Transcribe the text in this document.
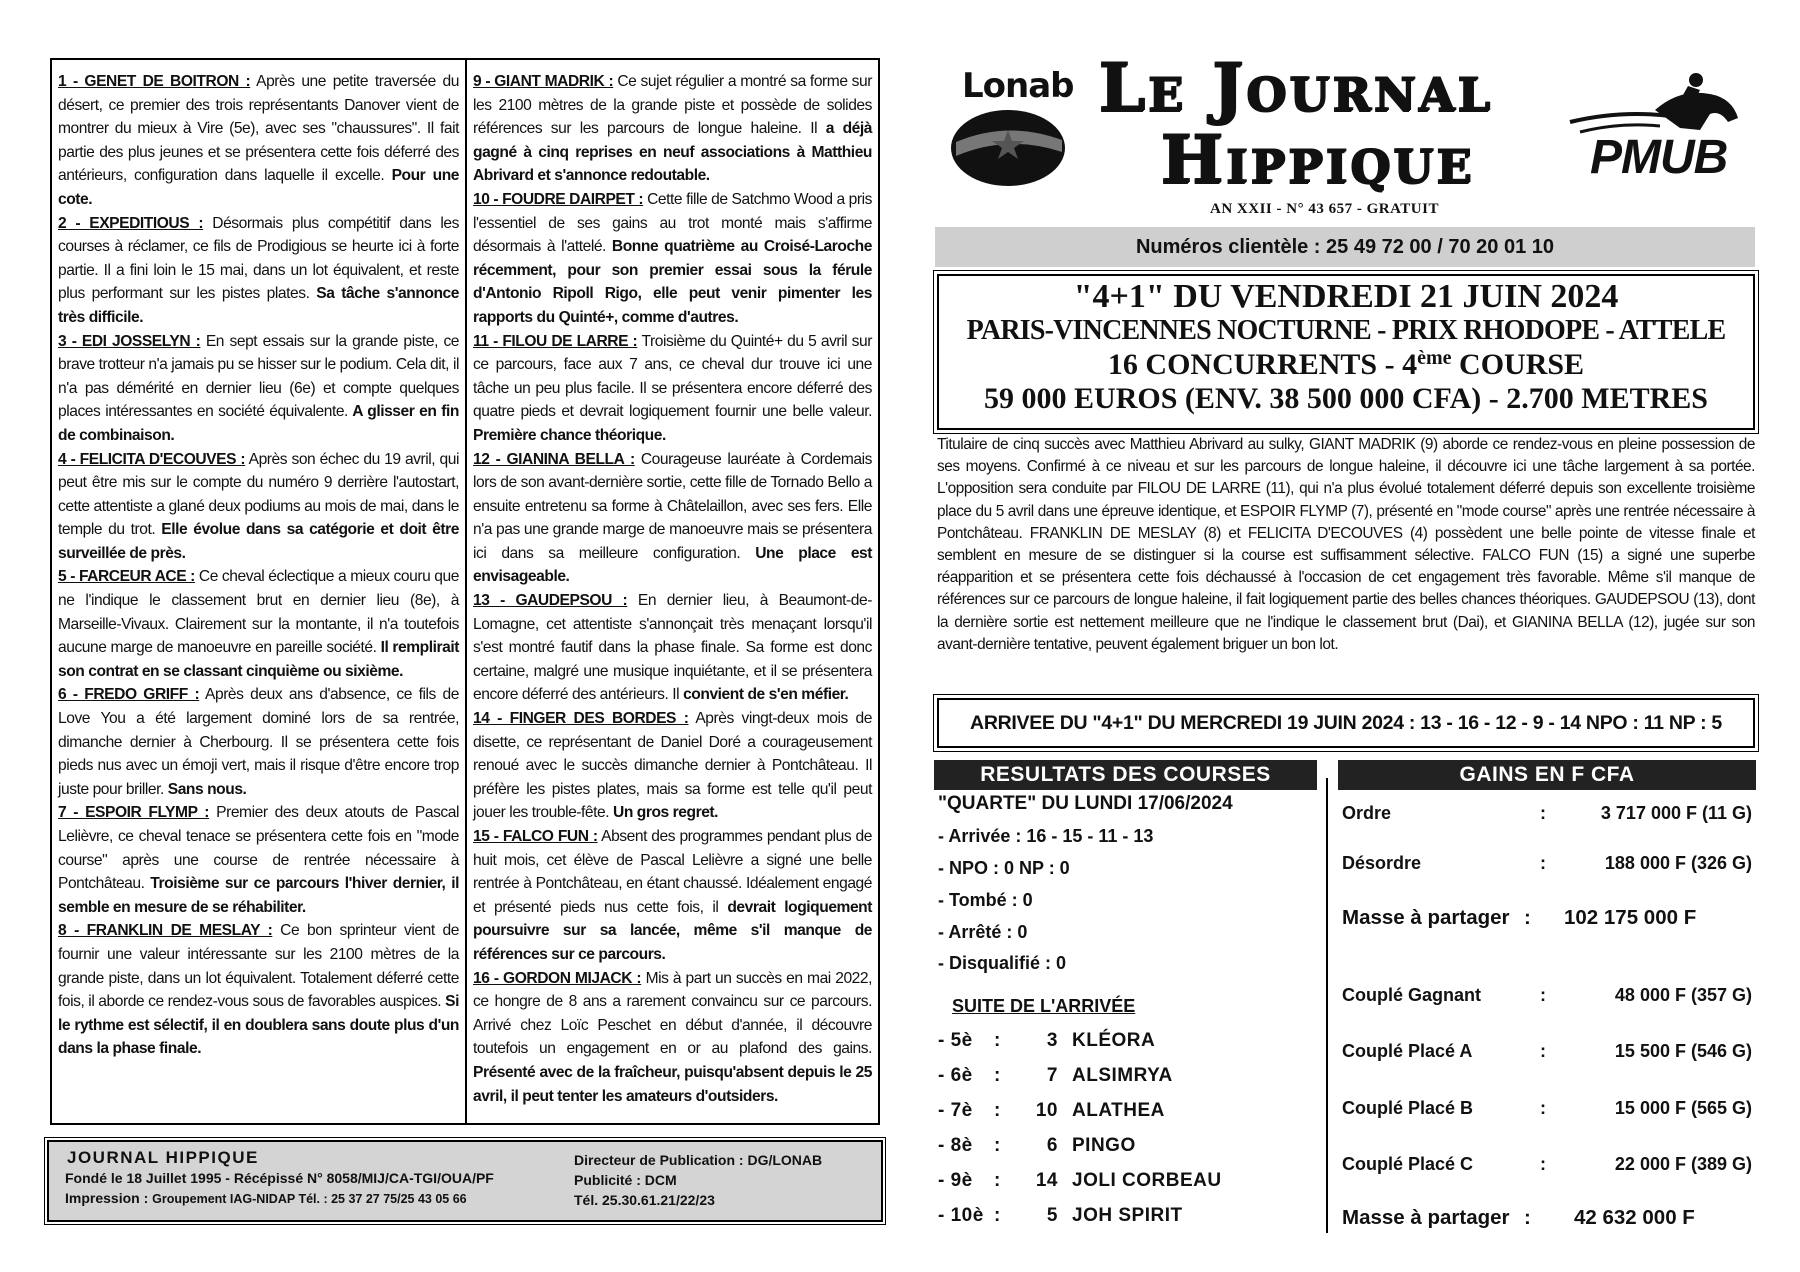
1 - GENET DE BOITRON : Après une petite traversée du désert, ce premier des trois représentants Danover vient de montrer du mieux à Vire (5e), avec ses "chaussures". Il fait partie des plus jeunes et se présentera cette fois déferré des antérieurs, configuration dans laquelle il excelle. Pour une cote.

2 - EXPEDITIOUS : Désormais plus compétitif dans les courses à réclamer, ce fils de Prodigious se heurte ici à forte partie. Il a fini loin le 15 mai, dans un lot équivalent, et reste plus performant sur les pistes plates. Sa tâche s'annonce très difficile.

3 - EDI JOSSELYN : En sept essais sur la grande piste, ce brave trotteur n'a jamais pu se hisser sur le podium. Cela dit, il n'a pas démérité en dernier lieu (6e) et compte quelques places intéressantes en société équivalente. A glisser en fin de combinaison.

4 - FELICITA D'ECOUVES : Après son échec du 19 avril, qui peut être mis sur le compte du numéro 9 derrière l'autostart, cette attentiste a glané deux podiums au mois de mai, dans le temple du trot. Elle évolue dans sa catégorie et doit être surveillée de près.

5 - FARCEUR ACE : Ce cheval éclectique a mieux couru que ne l'indique le classement brut en dernier lieu (8e), à Marseille-Vivaux. Clairement sur la montante, il n'a toutefois aucune marge de manoeuvre en pareille société. Il remplirait son contrat en se classant cinquième ou sixième.

6 - FREDO GRIFF : Après deux ans d'absence, ce fils de Love You a été largement dominé lors de sa rentrée, dimanche dernier à Cherbourg. Il se présentera cette fois pieds nus avec un émoji vert, mais il risque d'être encore trop juste pour briller. Sans nous.

7 - ESPOIR FLYMP : Premier des deux atouts de Pascal Lelièvre, ce cheval tenace se présentera cette fois en "mode course" après une course de rentrée nécessaire à Pontchâteau. Troisième sur ce parcours l'hiver dernier, il semble en mesure de se réhabiliter.

8 - FRANKLIN DE MESLAY : Ce bon sprinteur vient de fournir une valeur intéressante sur les 2100 mètres de la grande piste, dans un lot équivalent. Totalement déferré cette fois, il aborde ce rendez-vous sous de favorables auspices. Si le rythme est sélectif, il en doublera sans doute plus d'un dans la phase finale.

9 - GIANT MADRIK : Ce sujet régulier a montré sa forme sur les 2100 mètres de la grande piste et possède de solides références sur les parcours de longue haleine. Il a déjà gagné à cinq reprises en neuf associations à Matthieu Abrivard et s'annonce redoutable.

10 - FOUDRE DAIRPET : Cette fille de Satchmo Wood a pris l'essentiel de ses gains au trot monté mais s'affirme désormais à l'attelé. Bonne quatrième au Croisé-Laroche récemment, pour son premier essai sous la férule d'Antonio Ripoll Rigo, elle peut venir pimenter les rapports du Quinté+, comme d'autres.

11 - FILOU DE LARRE : Troisième du Quinté+ du 5 avril sur ce parcours, face aux 7 ans, ce cheval dur trouve ici une tâche un peu plus facile. Il se présentera encore déferré des quatre pieds et devrait logiquement fournir une belle valeur. Première chance théorique.

12 - GIANINA BELLA : Courageuse lauréate à Cordemais lors de son avant-dernière sortie, cette fille de Tornado Bello a ensuite entretenu sa forme à Châtelaillon, avec ses fers. Elle n'a pas une grande marge de manoeuvre mais se présentera ici dans sa meilleure configuration. Une place est envisageable.

13 - GAUDEPSOU : En dernier lieu, à Beaumont-de-Lomagne, cet attentiste s'annonçait très menaçant lorsqu'il s'est montré fautif dans la phase finale. Sa forme est donc certaine, malgré une musique inquiétante, et il se présentera encore déferré des antérieurs. Il convient de s'en méfier.

14 - FINGER DES BORDES : Après vingt-deux mois de disette, ce représentant de Daniel Doré a courageusement renoué avec le succès dimanche dernier à Pontchâteau. Il préfère les pistes plates, mais sa forme est telle qu'il peut jouer les trouble-fête. Un gros regret.

15 - FALCO FUN : Absent des programmes pendant plus de huit mois, cet élève de Pascal Lelièvre a signé une belle rentrée à Pontchâteau, en étant chaussé. Idéalement engagé et présenté pieds nus cette fois, il devrait logiquement poursuivre sur sa lancée, même s'il manque de références sur ce parcours.

16 - GORDON MIJACK : Mis à part un succès en mai 2022, ce hongre de 8 ans a rarement convaincu sur ce parcours. Arrivé chez Loïc Peschet en début d'année, il découvre toutefois un engagement en or au plafond des gains. Présenté avec de la fraîcheur, puisqu'absent depuis le 25 avril, il peut tenter les amateurs d'outsiders.

JOURNAL HIPPIQUE
Fondé le 18 Juillet 1995 - Récépissé N° 8058/MIJ/CA-TGI/OUA/PF
Impression : Groupement IAG-NIDAP Tél. : 25 37 27 75/25 43 05 66
Directeur de Publication : DG/LONAB
Publicité : DCM
Tél. 25.30.61.21/22/23
Lonab Le Journal
Hippique
AN XXII - N° 43 657 - GRATUIT
PMUB
Numéros clientèle : 25 49 72 00 / 70 20 01 10
"4+1" DU VENDREDI 21 JUIN 2024
PARIS-VINCENNES NOCTURNE - PRIX RHODOPE - ATTELE
16 CONCURRENTS - 4ème COURSE
59 000 EUROS (ENV. 38 500 000 CFA) - 2.700 METRES

Titulaire de cinq succès avec Matthieu Abrivard au sulky, GIANT MADRIK (9) aborde ce rendez-vous en pleine possession de ses moyens. Confirmé à ce niveau et sur les parcours de longue haleine, il découvre ici une tâche largement à sa portée. L'opposition sera conduite par FILOU DE LARRE (11), qui n'a plus évolué totalement déferré depuis son excellente troisième place du 5 avril dans une épreuve identique, et ESPOIR FLYMP (7), présenté en "mode course" après une rentrée nécessaire à Pontchâteau. FRANKLIN DE MESLAY (8) et FELICITA D'ECOUVES (4) possèdent une belle pointe de vitesse finale et semblent en mesure de se distinguer si la course est suffisamment sélective. FALCO FUN (15) a signé une superbe réapparition et se présentera cette fois déchaussé à l'occasion de cet engagement très favorable. Même s'il manque de références sur ce parcours de longue haleine, il fait logiquement partie des belles chances théoriques. GAUDEPSOU (13), dont la dernière sortie est nettement meilleure que ne l'indique le classement brut (Dai), et GIANINA BELLA (12), jugée sur son avant-dernière tentative, peuvent également briguer un bon lot.

ARRIVEE DU "4+1" DU MERCREDI 19 JUIN 2024 : 13 - 16 - 12 - 9 - 14 NPO : 11 NP : 5
RESULTATS DES COURSES	GAINS EN F CFA
"QUARTE" DU LUNDI 17/06/2024
- Arrivée : 16 - 15 - 11 - 13
- NPO : 0 NP : 0
- Tombé : 0
- Arrêté : 0
- Disqualifié : 0
SUITE DE L'ARRIVÉE
- 5è :	3 KLÉORA
- 6è :	7 ALSIMRYA
- 7è :	10 ALATHEA
- 8è :	6 PINGO
- 9è :	14 JOLI CORBEAU
- 10è :	5 JOH SPIRIT
Ordre	:	3 717 000 F (11 G)
Désordre	:	188 000 F (326 G)
Masse à partager : 102 175 000 F
Couplé Gagnant	:	48 000 F (357 G)
Couplé Placé A	:	15 500 F (546 G)
Couplé Placé B	:	15 000 F (565 G)
Couplé Placé C	:	22 000 F (389 G)
Masse à partager : 42 632 000 F
